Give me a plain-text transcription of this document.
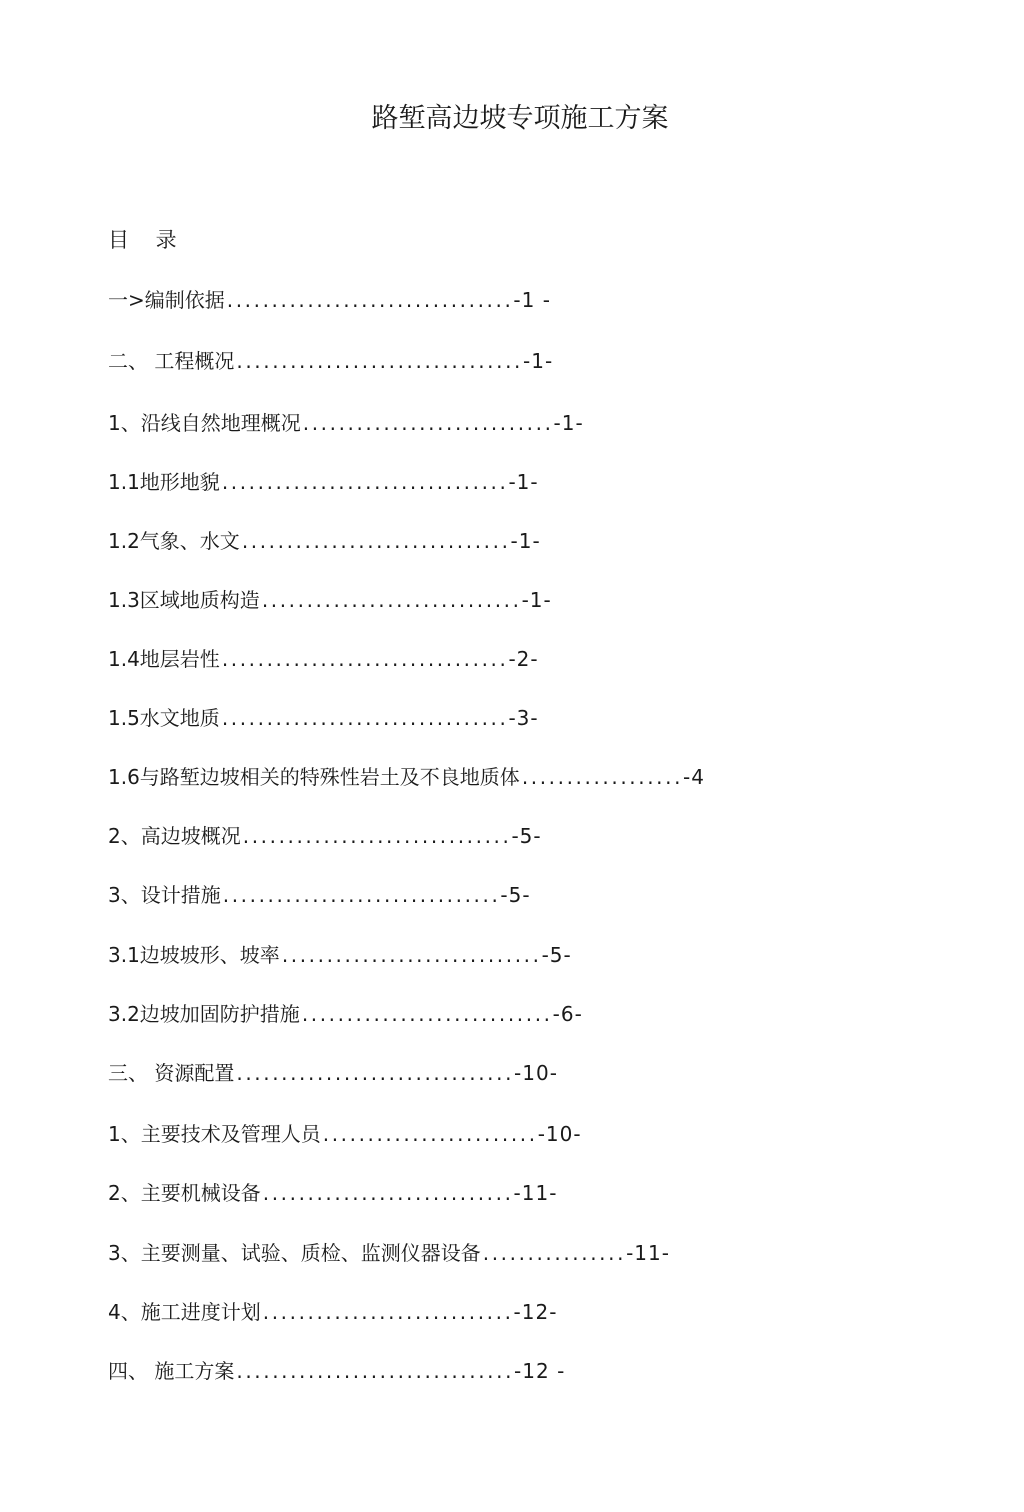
路堑高边坡专项施工方案
目 录
一>编制依据 ................................-1 -
二、 工程概况................................-1-
1、沿线自然地理概况............................-1-
1.1地形地貌 ................................-1-
1.2气象、水文..............................-1-
1.3区域地质构造.............................-1-
1.4地层岩性 ................................-2-
1.5水文地质 ................................-3-
1.6与路堑边坡相关的特殊性岩土及不良地质体..................-4
2、高边坡概况..............................-5-
3、设计措施...............................-5-
3.1边坡坡形、坡率.............................-5-
3.2边坡加固防护措施 ............................-6-
三、 资源配置...............................-10-
1、主要技术及管理人员........................-10-
2、主要机械设备............................-11-
3、主要测量、试验、质检、监测仪器设备................-11-
4、施工进度计划............................-12-
四、 施工方案...............................-12 -
